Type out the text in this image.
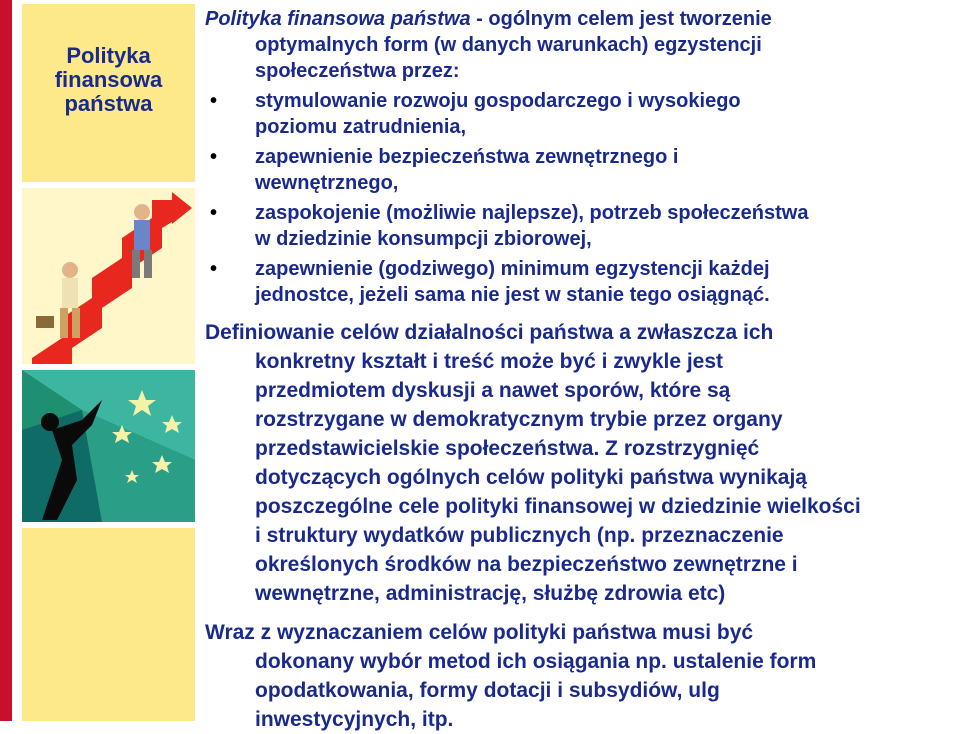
Polityka finansowa państwa
Polityka finansowa państwa - ogólnym celem jest tworzenie
optymalnych form (w danych warunkach) egzystencji
społeczeństwa przez:
• stymulowanie rozwoju gospodarczego i wysokiego
poziomu zatrudnienia,
• zapewnienie bezpieczeństwa zewnętrznego i
wewnętrznego,
• zaspokojenie (możliwie najlepsze), potrzeb społeczeństwa
w dziedzinie konsumpcji zbiorowej,
• zapewnienie (godziwego) minimum egzystencji każdej
jednostce, jeżeli sama nie jest w stanie tego osiągnąć.
Definiowanie celów działalności państwa a zwłaszcza ich
konkretny kształt i treść może być i zwykle jest
przedmiotem dyskusji a nawet sporów, które są
rozstrzygane w demokratycznym trybie przez organy
przedstawicielskie społeczeństwa. Z rozstrzygnięć
dotyczących ogólnych celów polityki państwa wynikają
poszczególne cele polityki finansowej w dziedzinie wielkości
i struktury wydatków publicznych (np. przeznaczenie
określonych środków na bezpieczeństwo zewnętrzne i
wewnętrzne, administrację, służbę zdrowia etc)
Wraz z wyznaczaniem celów polityki państwa musi być
dokonany wybór metod ich osiągania np. ustalenie form
opodatkowania, formy dotacji i subsydiów, ulg
inwestycyjnych, itp.
